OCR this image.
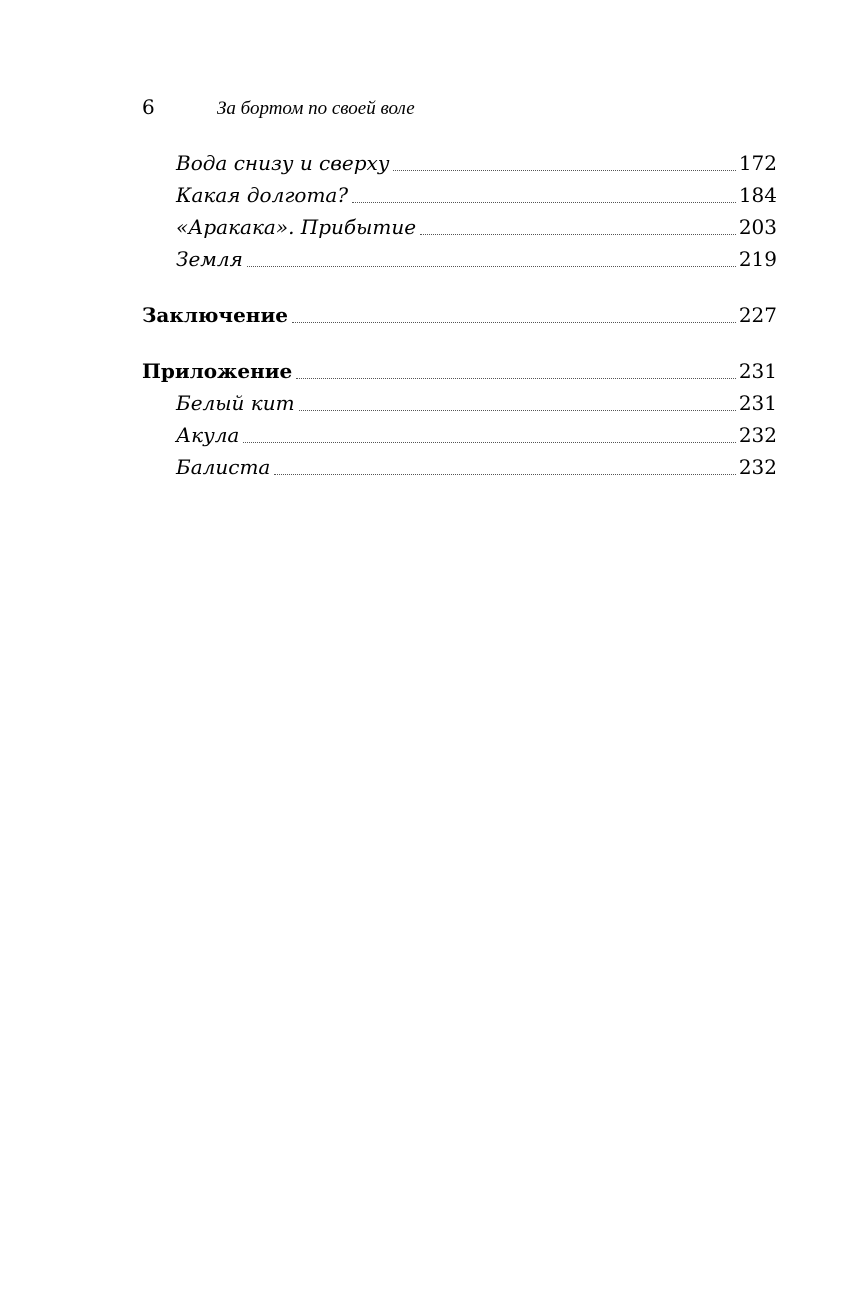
6	За бортом по своей воле
Вода снизу и сверху	172
Какая долгота?	184
«Аракака». Прибытие	203
Земля	219
Заключение	227
Приложение	231
Белый кит	231
Акула	232
Балиста	232
